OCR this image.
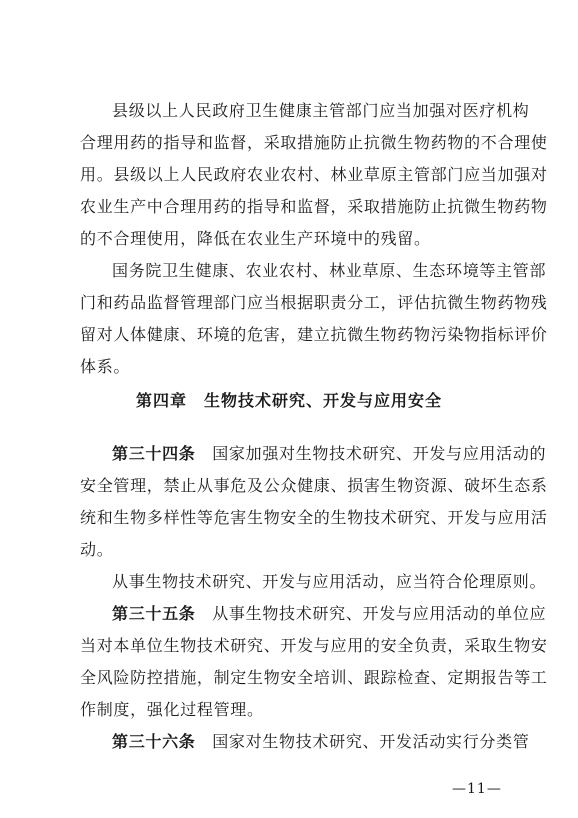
县级以上人民政府卫生健康主管部门应当加强对医疗机构
合理用药的指导和监督，采取措施防止抗微生物药物的不合理使
用。县级以上人民政府农业农村、林业草原主管部门应当加强对
农业生产中合理用药的指导和监督，采取措施防止抗微生物药物
的不合理使用，降低在农业生产环境中的残留。
国务院卫生健康、农业农村、林业草原、生态环境等主管部
门和药品监督管理部门应当根据职责分工，评估抗微生物药物残
留对人体健康、环境的危害，建立抗微生物药物污染物指标评价
体系。
第四章　生物技术研究、开发与应用安全
第三十四条　国家加强对生物技术研究、开发与应用活动的
安全管理，禁止从事危及公众健康、损害生物资源、破坏生态系
统和生物多样性等危害生物安全的生物技术研究、开发与应用活
动。
从事生物技术研究、开发与应用活动，应当符合伦理原则。
第三十五条　从事生物技术研究、开发与应用活动的单位应
当对本单位生物技术研究、开发与应用的安全负责，采取生物安
全风险防控措施，制定生物安全培训、跟踪检查、定期报告等工
作制度，强化过程管理。
第三十六条　国家对生物技术研究、开发活动实行分类管
—11—
